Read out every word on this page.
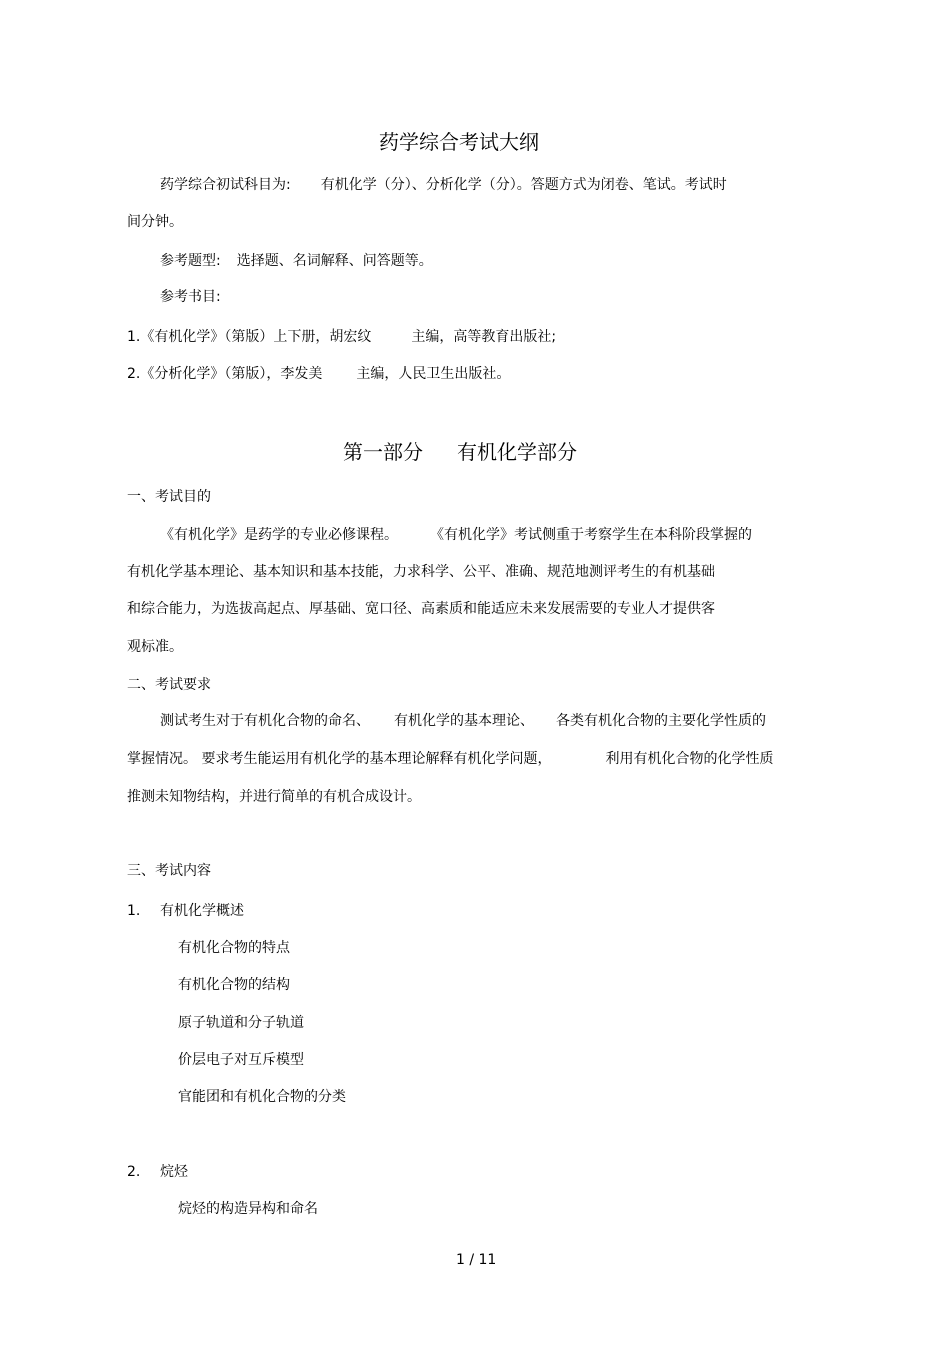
药学综合考试大纲
药学综合初试科目为: 有机化学（分）、分析化学（分）。答题方式为闭卷、笔试。考试时
间分钟。
参考题型: 选择题、名词解释、问答题等。
参考书目:
1.《有机化学》（第版）上下册，胡宏纹	主编，高等教育出版社;
2.《分析化学》（第版），李发美 主编，人民卫生出版社。
第一部分 有机化学部分
一、考试目的
《有机化学》是药学的专业必修课程。 《有机化学》考试侧重于考察学生在本科阶段掌握的
有机化学基本理论、基本知识和基本技能，力求科学、公平、准确、规范地测评考生的有机基础
和综合能力，为选拔高起点、厚基础、宽口径、高素质和能适应未来发展需要的专业人才提供客
观标准。
二、考试要求
测试考生对于有机化合物的命名、 有机化学的基本理论、 各类有机化合物的主要化学性质的
掌握情况。 要求考生能运用有机化学的基本理论解释有机化学问题，	利用有机化合物的化学性质
推测未知物结构，并进行简单的有机合成设计。
三、考试内容
1. 有机化学概述
有机化合物的特点
有机化合物的结构
原子轨道和分子轨道
价层电子对互斥模型
官能团和有机化合物的分类
2. 烷烃
烷烃的构造异构和命名
1 / 11
